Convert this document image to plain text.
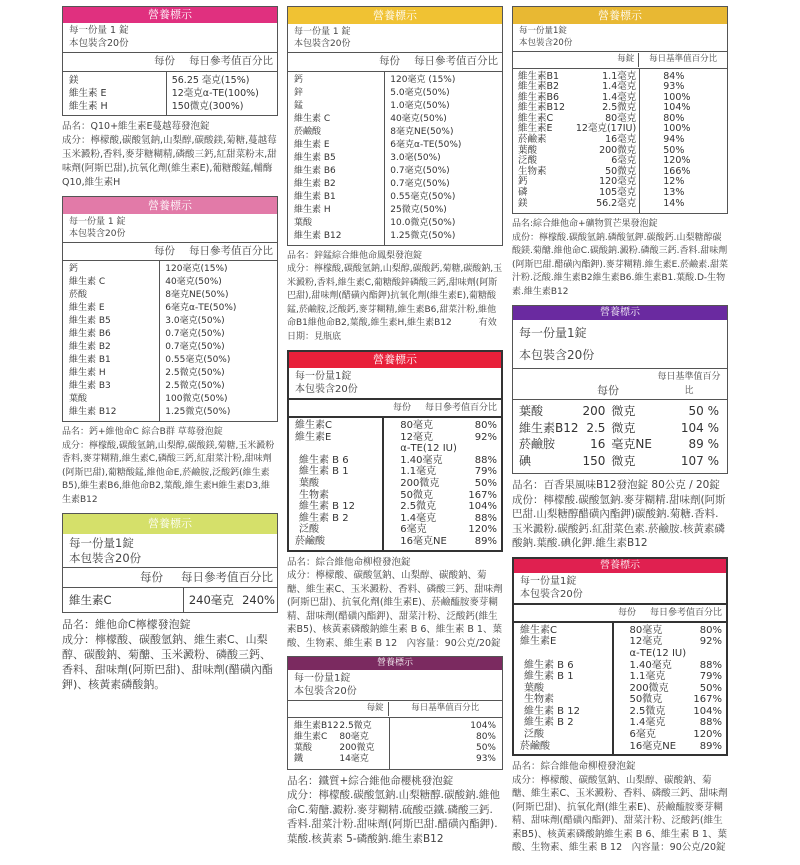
營養標示
每一份量 1 錠
本包裝含20份
每份 每日參考值百分比
鎂	56.25 毫克(15%)
維生素 E	12毫克α-TE(100%)
維生素 H	150微克(300%)

品名：Q10+維生素E蔓越莓發泡錠

成分：檸檬酸,碳酸氫鈉,山梨醇,碳酸鎂,菊糖,蔓越莓玉米澱粉,香料,麥芽糖糊精,磷酸三鈣,紅甜菜粉末,甜味劑(阿斯巴甜),抗氧化劑(維生素E),葡糖酸錳,輔酶Q10,維生素H

營養標示
每一份量 1 錠
本包裝含20份
每份 每日參考值百分比
鈣	120毫克(15%)
維生素 C	40毫克(50%)
菸酸	8毫克NE(50%)
維生素 E	6毫克α-TE(50%)
維生素 B5	3.0毫克(50%)
維生素 B6	0.7毫克(50%)
維生素 B2	0.7毫克(50%)
維生素 B1	0.55毫克(50%)
維生素 H	2.5微克(50%)
維生素 B3	2.5微克(50%)
葉酸	100微克(50%)
維生素 B12	1.25微克(50%)

品名：鈣+維他命C 綜合B群 草莓發泡錠

成分：檸檬酸,碳酸氫鈉,山梨醇,碳酸鎂,菊糖,玉米澱粉香料,麥芽糊精,維生素C,磷酸三鈣,紅甜菜汁粉,甜味劑(阿斯巴甜),葡糖酸錳,維他命E,菸鹼胺,泛酸鈣(維生素B5),維生素B6,維他命B2,葉酸,維生素H維生素D3,維生素B12

營養標示
每一份量1錠
本包裝含20份
每份 每日參考值百分比
維生素C	240毫克 240%

品名：維他命C檸檬發泡錠

成分：檸檬酸、碳酸氫鈉、維生素C、山梨醇、碳酸鈉、菊醣、玉米澱粉、磷酸三鈣、香料、甜味劑(阿斯巴甜)、甜味劑(醋磺內酯鉀)、核黃素磷酸鈉。

營養標示
每一份量 1 錠
本包裝含20份
每份 每日參考值百分比
鈣	120毫克 (15%)
鋅	5.0毫克(50%)
錳	1.0毫克(50%)
維生素 C	40毫克(50%)
菸鹼酸	8毫克NE(50%)
維生素 E	6毫克α-TE(50%)
維生素 B5	3.0毫(50%)
維生素 B6	0.7毫克(50%)
維生素 B2	0.7毫克(50%)
維生素 B1	0.55毫克(50%)
維生素 H	25微克(50%)
葉酸	10.0微克(50%)
維生素 B12	1.25微克(50%)

品名：鋅錳綜合維他命鳳梨發泡錠

成分：檸檬酸,碳酸氫鈉,山梨醇,碳酸鈣,菊糖,碳酸鈉,玉米澱粉,香料,維生素C,葡糖酸鋅磷酸三鈣,甜味劑(阿斯巴甜),甜味劑(醋磺內酯鉀)抗氧化劑(維生素E),葡糖酸錳,菸鹼胺,泛酸鈣,麥芽糊精,維生素B6,甜菜汁粉,維他命B1維他命B2,葉酸,維生素H,維生素B12　　　有效日期：見瓶底

營養標示
每一份量1錠
本包裝含20份
每份 每日參考值百分比
維生素C	80毫克	80%
維生素E	12毫克	92%
α-TE(12 IU)
維生素 B 6	1.40毫克	88%
維生素 B 1	1.1毫克	79%
葉酸	200微克	50%
生物素	50微克	167%
維生素 B 12	2.5微克	104%
維生素 B 2	1.4毫克	88%
泛酸	6毫克	120%
菸鹼酸	16毫克NE	89%

品名：綜合維他命柳橙發泡錠

成分：檸檬酸、碳酸氫鈉、山梨醇、碳酸鈉、菊醣、維生素C、玉米澱粉、香料、磷酸三鈣、甜味劑(阿斯巴甜)、抗氧化劑(維生素E)、菸鹼醯胺麥芽糊精、甜味劑(醋磺內酯鉀)、甜菜汁粉、泛酸鈣(維生素B5)、核黃素磷酸鈉維生素 B 6、維生素 B 1、葉酸、生物素、維生素 B 12　內容量：90公克/20錠

營養標示
每一份量1錠
本包裝含20份
每錠	每日基準值百分比
維生素B12 2.5微克	104%
維生素C	80毫克	80%
葉酸	200微克	50%
鐵	14毫克	93%

品名：鐵質+綜合維他命櫻桃發泡錠

成分：檸檬酸.碳酸氫鈉.山梨糖醇.碳酸鈉.維他命C.菊醣.澱粉.麥芽糊精.硫酸亞鐵.磷酸三鈣.香料.甜菜汁粉.甜味劑(阿斯巴甜.醋磺內酯鉀).葉酸.核黃素 5-磷酸鈉.維生素B12

營養標示
每一份量1錠
本包裝含20份
每錠	每日基準值百分比
維生素B1	1.1毫克	84%
維生素B2	1.4毫克	93%
維生素B6	1.4毫克	100%
維生素B12	2.5微克	104%
維生素C	80毫克	80%
維生素E	12毫克(17IU)	100%
菸鹼素	16毫克	94%
葉酸	200微克	50%
泛酸	6毫克	120%
生物素	50微克	166%
鈣	120毫克	12%
磷	105毫克	13%
鎂	56.2毫克	14%

品名:綜合維他命+礦物質芒果發泡錠

成份：檸檬酸.碳酸氫鈉.磷酸氫鉀.碳酸鈣.山梨糖醇碳酸鎂.菊醣.維他命C.碳酸鈉.澱粉.磷酸三鈣.香料.甜味劑(阿斯巴甜.醋磺內酯鉀).麥芽糊精.維生素E.菸鹼素.甜菜汁粉.泛酸.維生素B2維生素B6.維生素B1.葉酸.D-生物素.維生素B12

營養標示
每一份量1錠
本包裝含20份
每份
每日基準值百分比
葉酸	200 微克	50 %
維生素B12 2.5 微克	104 %
菸鹼胺	16 毫克NE	89 %
碘	150 微克	107 %

品名：百香果風味B12發泡錠 80公克 / 20錠

成份：檸檬酸.碳酸氫鈉.麥芽糊精.甜味劑(阿斯巴甜.山梨糖醇醋磺內酯鉀)碳酸鈉.菊糖.香料.玉米澱粉.碳酸鈣.紅甜菜色素.菸鹼胺.核黃素磷酸鈉.葉酸.碘化鉀.維生素B12

營養標示
每一份量1錠
本包裝含20份
每份 每日參考值百分比
維生素C	80毫克	80%
維生素E	12毫克	92%
α-TE(12 IU)
維生素 B 6	1.40毫克	88%
維生素 B 1	1.1毫克	79%
葉酸	200微克	50%
生物素	50微克	167%
維生素 B 12	2.5微克	104%
維生素 B 2	1.4毫克	88%
泛酸	6毫克	120%
菸鹼酸	16毫克NE	89%

品名：綜合維他命柳橙發泡錠

成分：檸檬酸、碳酸氫鈉、山梨醇、碳酸鈉、菊醣、維生素C、玉米澱粉、香料、磷酸三鈣、甜味劑(阿斯巴甜)、抗氧化劑(維生素E)、菸鹼醯胺麥芽糊精、甜味劑(醋磺內酯鉀)、甜菜汁粉、泛酸鈣(維生素B5)、核黃素磷酸鈉維生素 B 6、維生素 B 1、葉酸、生物素、維生素 B 12　內容量：90公克/20錠
